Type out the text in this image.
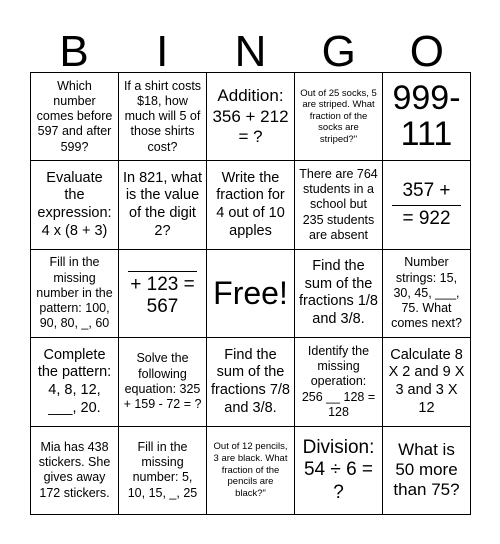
B	I	N	G	O
Which number comes before 597 and after 599?
If a shirt costs $18, how much will 5 of those shirts cost?
Addition: 356 + 212 = ?
Out of 25 socks, 5 are striped. What fraction of the socks are striped?"
999-
111
Evaluate the expression: 4 x (8 + 3)
In 821, what is the value of the digit 2?
Write the fraction for 4 out of 10 apples
There are 764 students in a school but 235 students are absent
357 +
= 922
Fill in the missing number in the pattern: 100, 90, 80, _, 60
+ 123 = 567	Free!
Find the sum of the fractions 1/8 and 3/8.
Number strings: 15, 30, 45, ___, 75. What comes next?
Complete the pattern: 4, 8, 12, ___, 20.
Solve the following equation: 325 + 159 - 72 = ?
Find the sum of the fractions 7/8 and 3/8.
Identify the missing operation: 256 __ 128 = 128
Calculate 8 X 2 and 9 X 3 and 3 X 12
Mia has 438 stickers. She gives away 172 stickers.
Fill in the missing number: 5, 10, 15, _, 25
Out of 12 pencils, 3 are black. What fraction of the pencils are black?"
Division: 54 ÷ 6 = ?
What is 50 more than 75?
